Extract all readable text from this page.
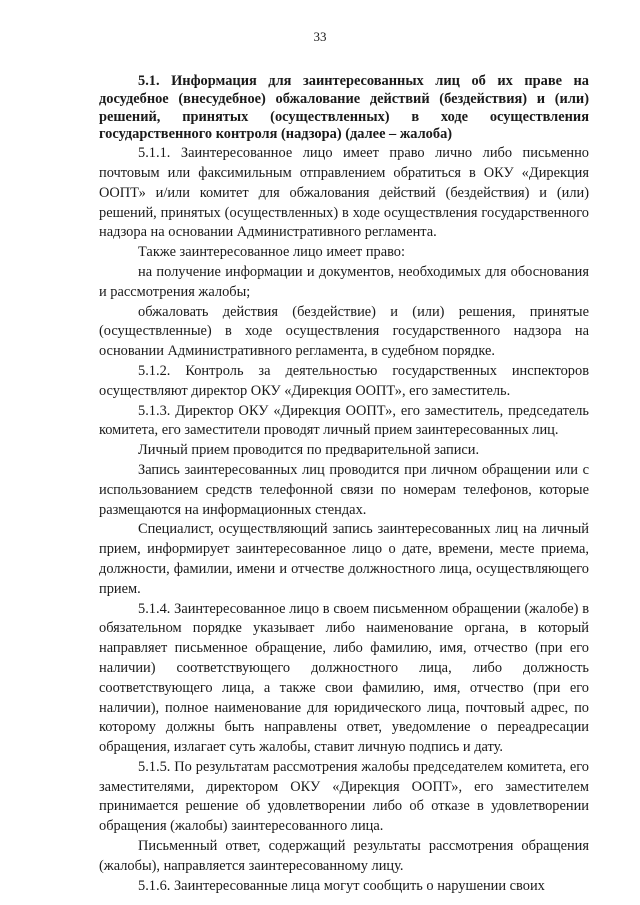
33

5.1. Информация для заинтересованных лиц об их праве на досудебное (внесудебное) обжалование действий (бездействия) и (или) решений, принятых (осуществленных) в ходе осуществления государственного контроля (надзора) (далее – жалоба)

5.1.1. Заинтересованное лицо имеет право лично либо письменно почтовым или факсимильным отправлением обратиться в ОКУ «Дирекция ООПТ» и/или комитет для обжалования действий (бездействия) и (или) решений, принятых (осуществленных) в ходе осуществления государственного надзора на основании Административного регламента.

Также заинтересованное лицо имеет право:

на получение информации и документов, необходимых для обоснования и рассмотрения жалобы;

обжаловать действия (бездействие) и (или) решения, принятые (осуществленные) в ходе осуществления государственного надзора на основании Административного регламента, в судебном порядке.

5.1.2. Контроль за деятельностью государственных инспекторов осуществляют директор ОКУ «Дирекция ООПТ», его заместитель.

5.1.3. Директор ОКУ «Дирекция ООПТ», его заместитель, председатель комитета, его заместители проводят личный прием заинтересованных лиц.

Личный прием проводится по предварительной записи.

Запись заинтересованных лиц проводится при личном обращении или с использованием средств телефонной связи по номерам телефонов, которые размещаются на информационных стендах.

Специалист, осуществляющий запись заинтересованных лиц на личный прием, информирует заинтересованное лицо о дате, времени, месте приема, должности, фамилии, имени и отчестве должностного лица, осуществляющего прием.

5.1.4. Заинтересованное лицо в своем письменном обращении (жалобе) в обязательном порядке указывает либо наименование органа, в который направляет письменное обращение, либо фамилию, имя, отчество (при его наличии) соответствующего должностного лица, либо должность соответствующего лица, а также свои фамилию, имя, отчество (при его наличии), полное наименование для юридического лица, почтовый адрес, по которому должны быть направлены ответ, уведомление о переадресации обращения, излагает суть жалобы, ставит личную подпись и дату.

5.1.5. По результатам рассмотрения жалобы председателем комитета, его заместителями, директором ОКУ «Дирекция ООПТ», его заместителем принимается решение об удовлетворении либо об отказе в удовлетворении обращения (жалобы) заинтересованного лица.

Письменный ответ, содержащий результаты рассмотрения обращения (жалобы), направляется заинтересованному лицу.

5.1.6. Заинтересованные лица могут сообщить о нарушении своих
